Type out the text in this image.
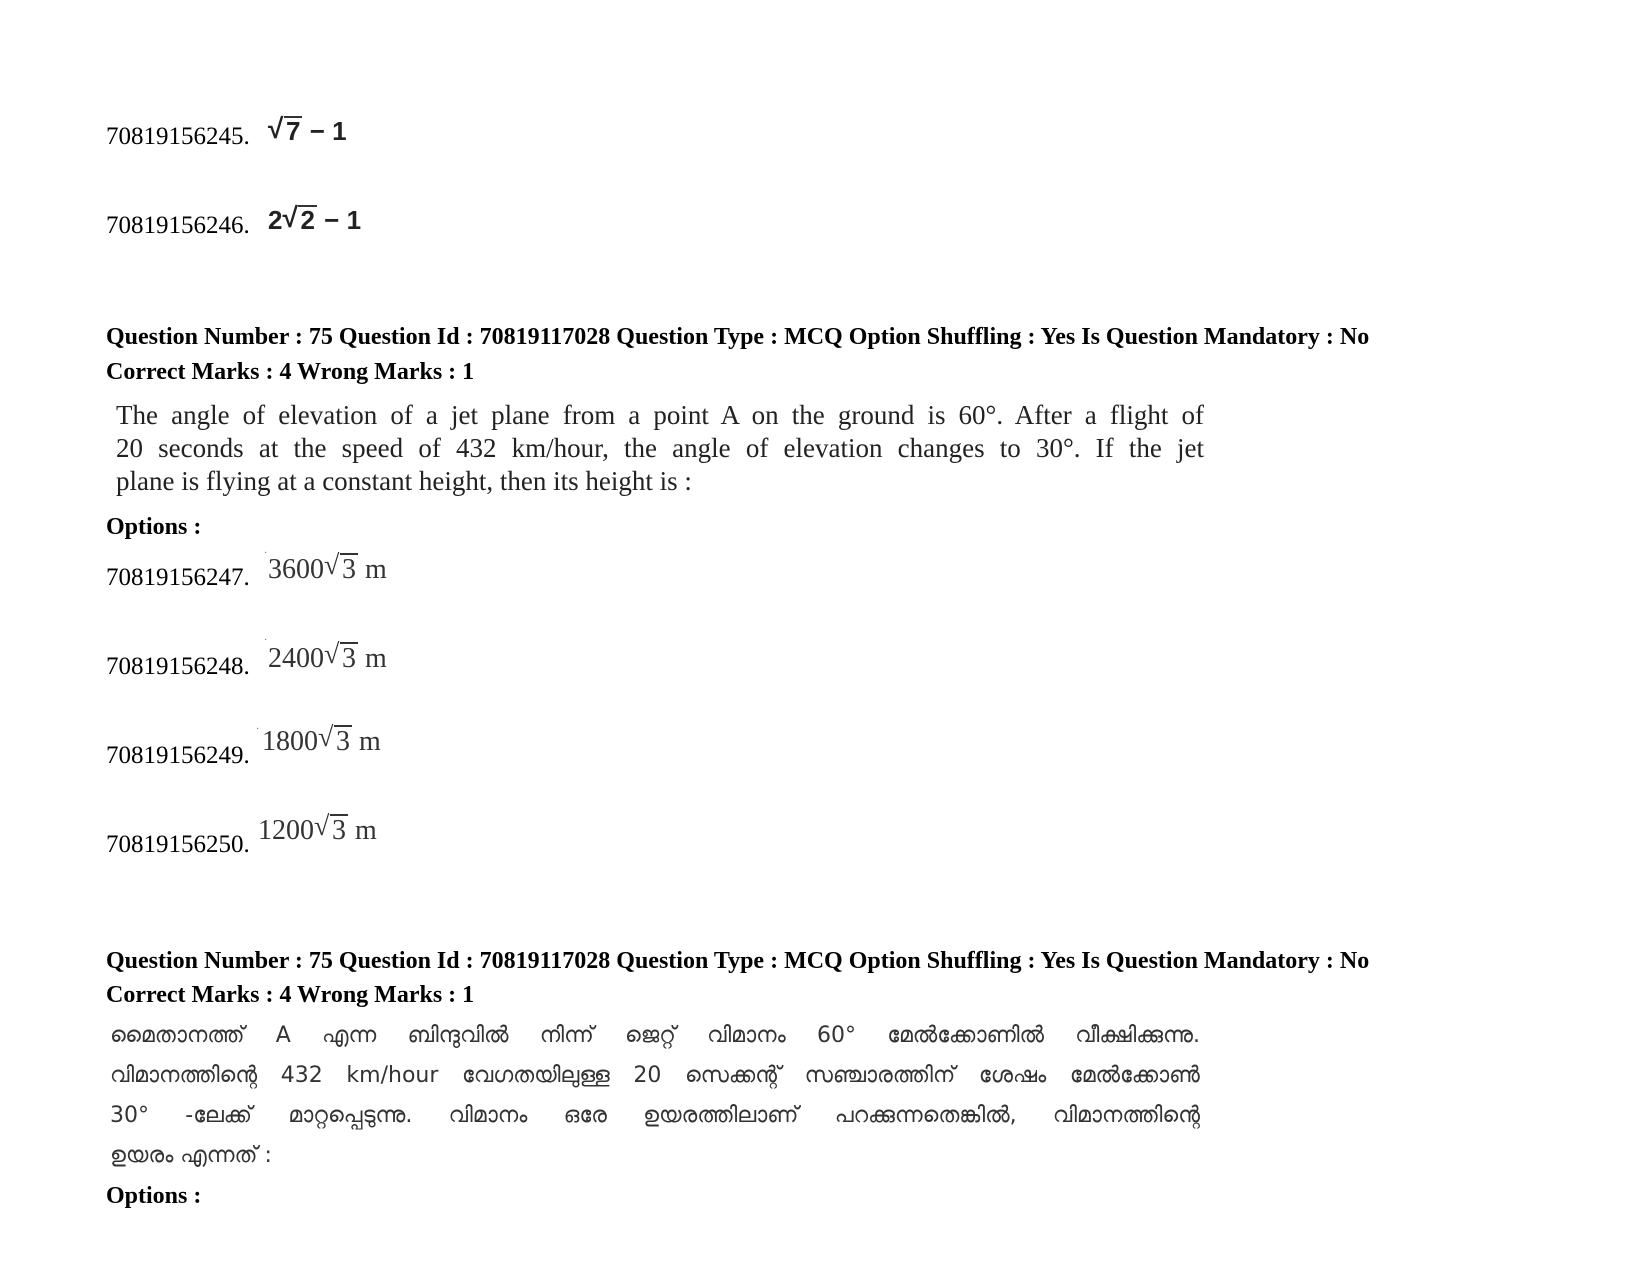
70819156245. √ 7 − 1
70819156246. 2 √ 2 − 1
Question Number : 75 Question Id : 70819117028 Question Type : MCQ Option Shuffling : Yes Is Question Mandatory : No
Correct Marks : 4 Wrong Marks : 1

The angle of elevation of a jet plane from a point A on the ground is 60°. After a flight of

20 seconds at the speed of 432 km/hour, the angle of elevation changes to 30°. If the jet

plane is flying at a constant height, then its height is :

Options :
70819156247.
·
3600 √ 3 m
70819156248.
·
2400 √ 3 m
70819156249.
· 1800 √ 3 m
70819156250. 1200 √ 3 m
Question Number : 75 Question Id : 70819117028 Question Type : MCQ Option Shuffling : Yes Is Question Mandatory : No
Correct Marks : 4 Wrong Marks : 1

മൈതാനത്ത് A എന്ന ബിന്ദുവിൽ നിന്ന് ജെറ്റ് വിമാനം 60° മേൽക്കോണിൽ വീക്ഷിക്കുന്നു.

വിമാനത്തിന്റെ 432 km/hour വേഗതയിലുള്ള 20 സെക്കന്റ് സഞ്ചാരത്തിന് ശേഷം മേൽക്കോൺ

30° -ലേക്ക് മാറ്റപ്പെടുന്നു. വിമാനം ഒരേ ഉയരത്തിലാണ് പറക്കുന്നതെങ്കിൽ, വിമാനത്തിന്റെ

ഉയരം എന്നത് :

Options :
